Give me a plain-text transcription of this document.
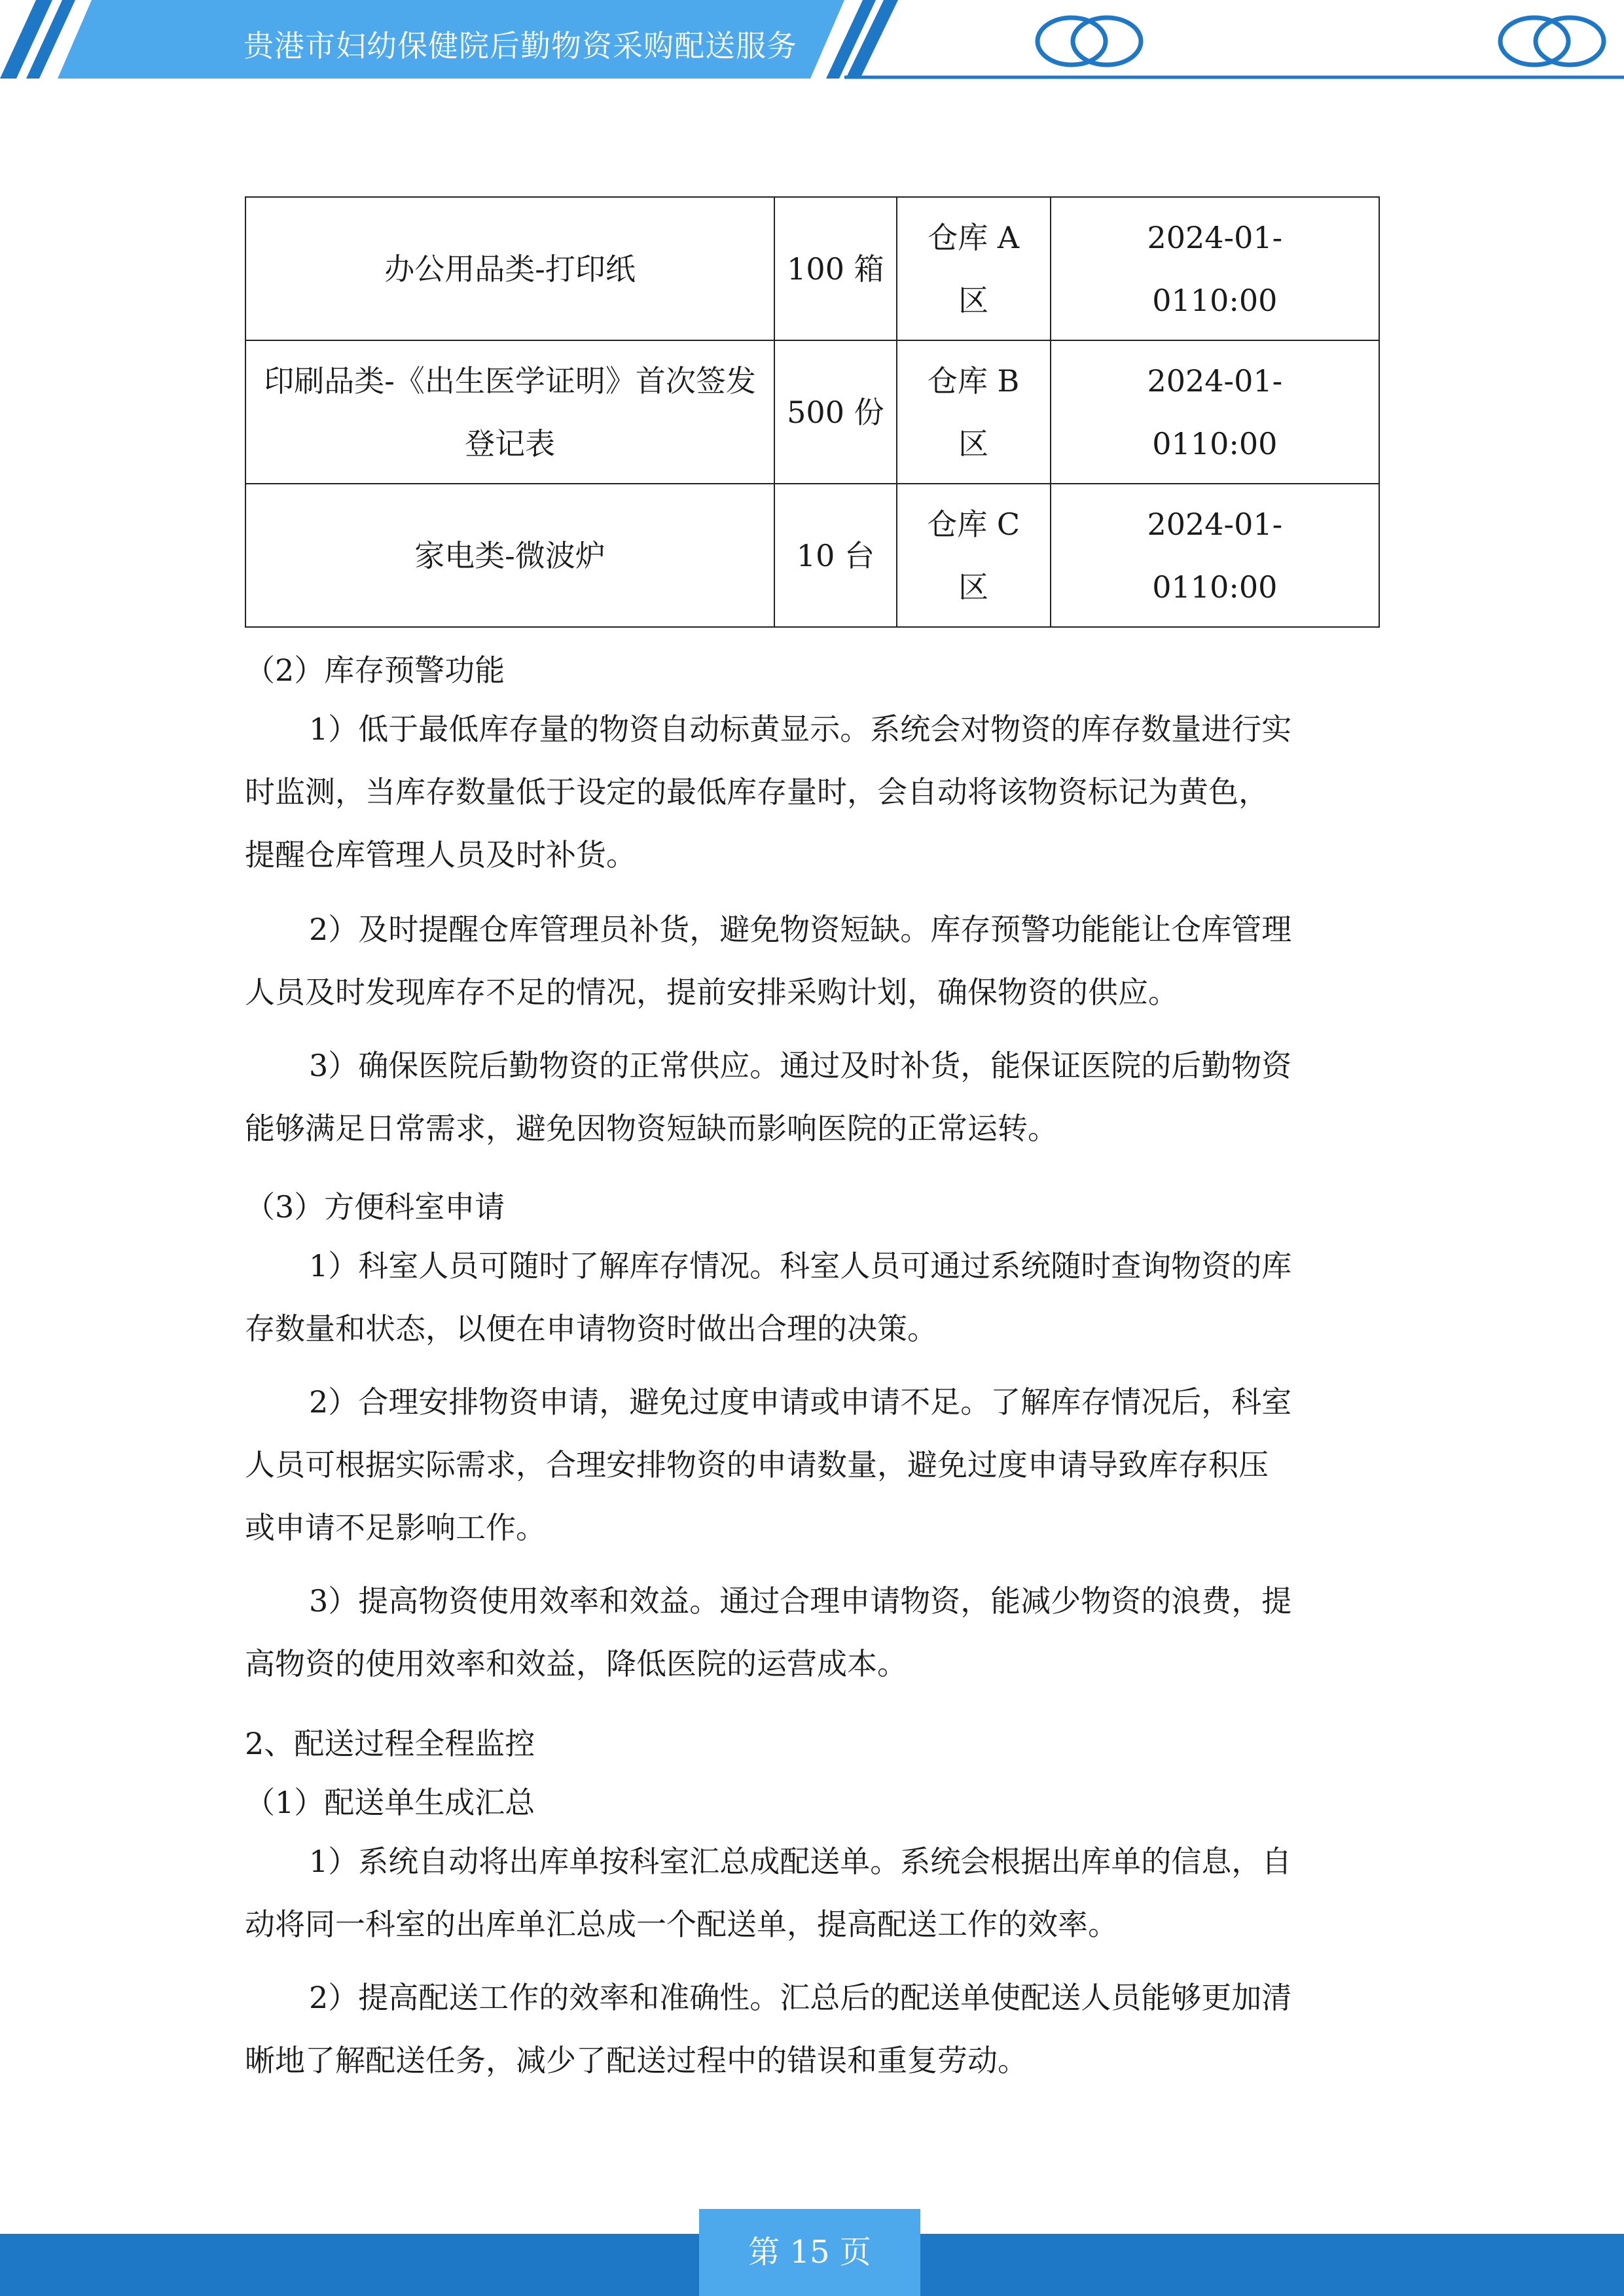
贵港市妇幼保健院后勤物资采购配送服务
办公用品类-打印纸	100 箱	仓库 A 区	2024-01-0110:00
印刷品类-《出生医学证明》首次签发登记表	500 份	仓库 B 区	2024-01-0110:00
家电类-微波炉	10 台	仓库 C 区	2024-01-0110:00
（2）库存预警功能
1）低于最低库存量的物资自动标黄显示。系统会对物资的库存数量进行实
时监测，当库存数量低于设定的最低库存量时，会自动将该物资标记为黄色，
提醒仓库管理人员及时补货。
2）及时提醒仓库管理员补货，避免物资短缺。库存预警功能能让仓库管理
人员及时发现库存不足的情况，提前安排采购计划，确保物资的供应。
3）确保医院后勤物资的正常供应。通过及时补货，能保证医院的后勤物资
能够满足日常需求，避免因物资短缺而影响医院的正常运转。
（3）方便科室申请
1）科室人员可随时了解库存情况。科室人员可通过系统随时查询物资的库
存数量和状态，以便在申请物资时做出合理的决策。
2）合理安排物资申请，避免过度申请或申请不足。了解库存情况后，科室
人员可根据实际需求，合理安排物资的申请数量，避免过度申请导致库存积压
或申请不足影响工作。
3）提高物资使用效率和效益。通过合理申请物资，能减少物资的浪费，提
高物资的使用效率和效益，降低医院的运营成本。
2、配送过程全程监控
（1）配送单生成汇总
1）系统自动将出库单按科室汇总成配送单。系统会根据出库单的信息，自
动将同一科室的出库单汇总成一个配送单，提高配送工作的效率。
2）提高配送工作的效率和准确性。汇总后的配送单使配送人员能够更加清
晰地了解配送任务，减少了配送过程中的错误和重复劳动。
第 15 页
